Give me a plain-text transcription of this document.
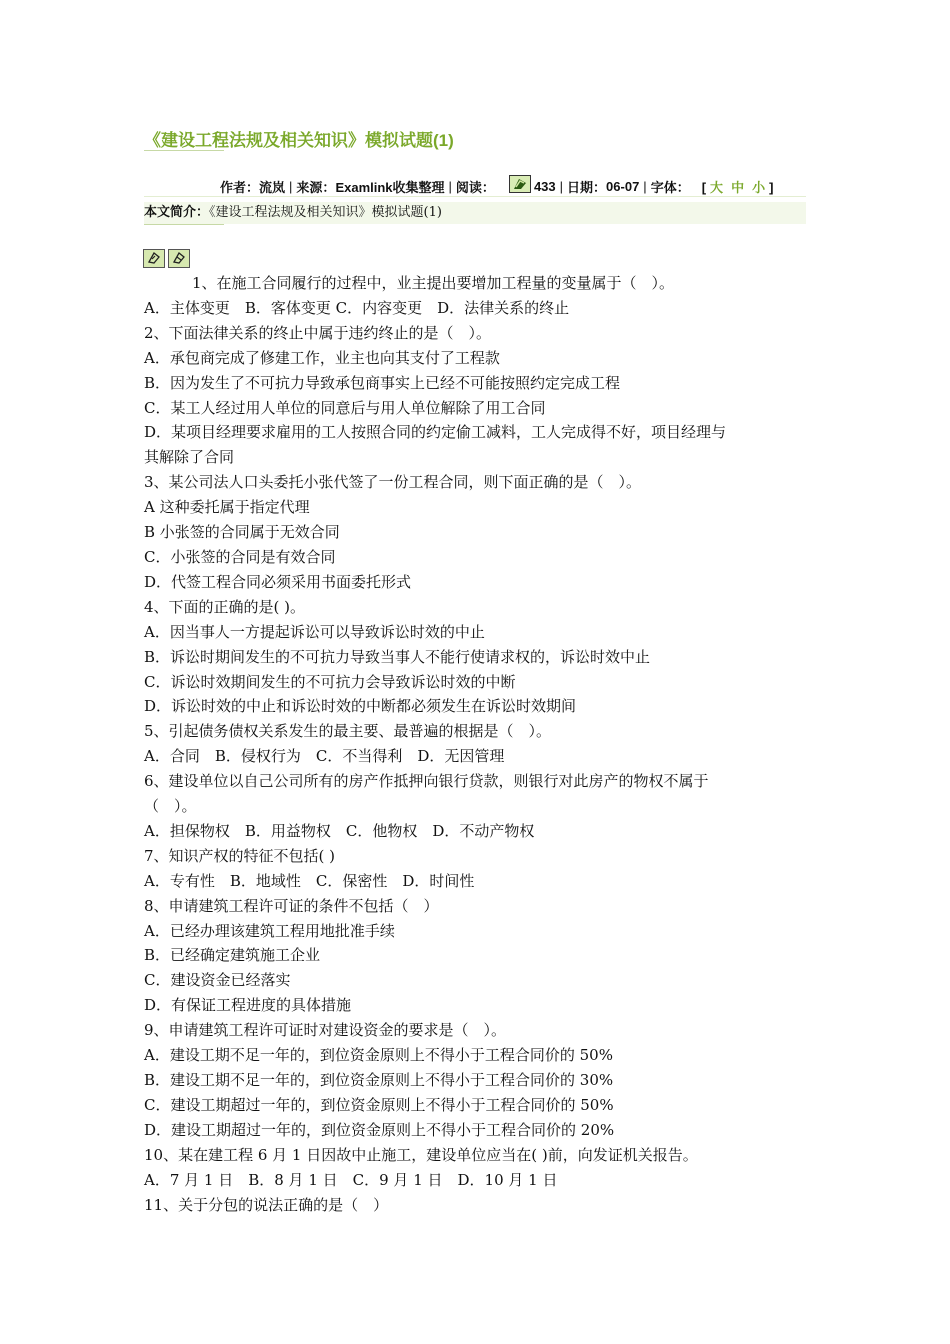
《建设工程法规及相关知识》模拟试题(1)
作者： 流岚 | 来源： Examlink收集整理 | 阅读：	433 | 日期： 06-07 | 字体： [ 大 中 小 ]
本文简介：《建设工程法规及相关知识》模拟试题(1)
1、在施工合同履行的过程中，业主提出要增加工程量的变量属于（　）。
A．主体变更　B．客体变更 C．内容变更　D．法律关系的终止
2、下面法律关系的终止中属于违约终止的是（　）。
A．承包商完成了修建工作，业主也向其支付了工程款
B．因为发生了不可抗力导致承包商事实上已经不可能按照约定完成工程
C．某工人经过用人单位的同意后与用人单位解除了用工合同
D．某项目经理要求雇用的工人按照合同的约定偷工减料，工人完成得不好，项目经理与
其解除了合同
3、某公司法人口头委托小张代签了一份工程合同，则下面正确的是（　）。
A 这种委托属于指定代理
B 小张签的合同属于无效合同
C．小张签的合同是有效合同
D．代签工程合同必须采用书面委托形式
4、下面的正确的是( )。
A．因当事人一方提起诉讼可以导致诉讼时效的中止
B．诉讼时期间发生的不可抗力导致当事人不能行使请求权的，诉讼时效中止
C．诉讼时效期间发生的不可抗力会导致诉讼时效的中断
D．诉讼时效的中止和诉讼时效的中断都必须发生在诉讼时效期间
5、引起债务债权关系发生的最主要、最普遍的根据是（　）。
A．合同　B．侵权行为　C．不当得利　D．无因管理
6、建设单位以自己公司所有的房产作抵押向银行贷款，则银行对此房产的物权不属于
（　）。
A．担保物权　B．用益物权　C．他物权　D．不动产物权
7、知识产权的特征不包括( )
A．专有性　B．地域性　C．保密性　D．时间性
8、申请建筑工程许可证的条件不包括（　）
A．已经办理该建筑工程用地批准手续
B．已经确定建筑施工企业
C．建设资金已经落实
D．有保证工程进度的具体措施
9、申请建筑工程许可证时对建设资金的要求是（　）。
A．建设工期不足一年的，到位资金原则上不得小于工程合同价的 50%
B．建设工期不足一年的，到位资金原则上不得小于工程合同价的 30%
C．建设工期超过一年的，到位资金原则上不得小于工程合同价的 50%
D．建设工期超过一年的，到位资金原则上不得小于工程合同价的 20%
10、某在建工程 6 月 1 日因故中止施工，建设单位应当在( )前，向发证机关报告。
A．7 月 1 日　B．8 月 1 日　C．9 月 1 日　D．10 月 1 日
11、关于分包的说法正确的是（　）
